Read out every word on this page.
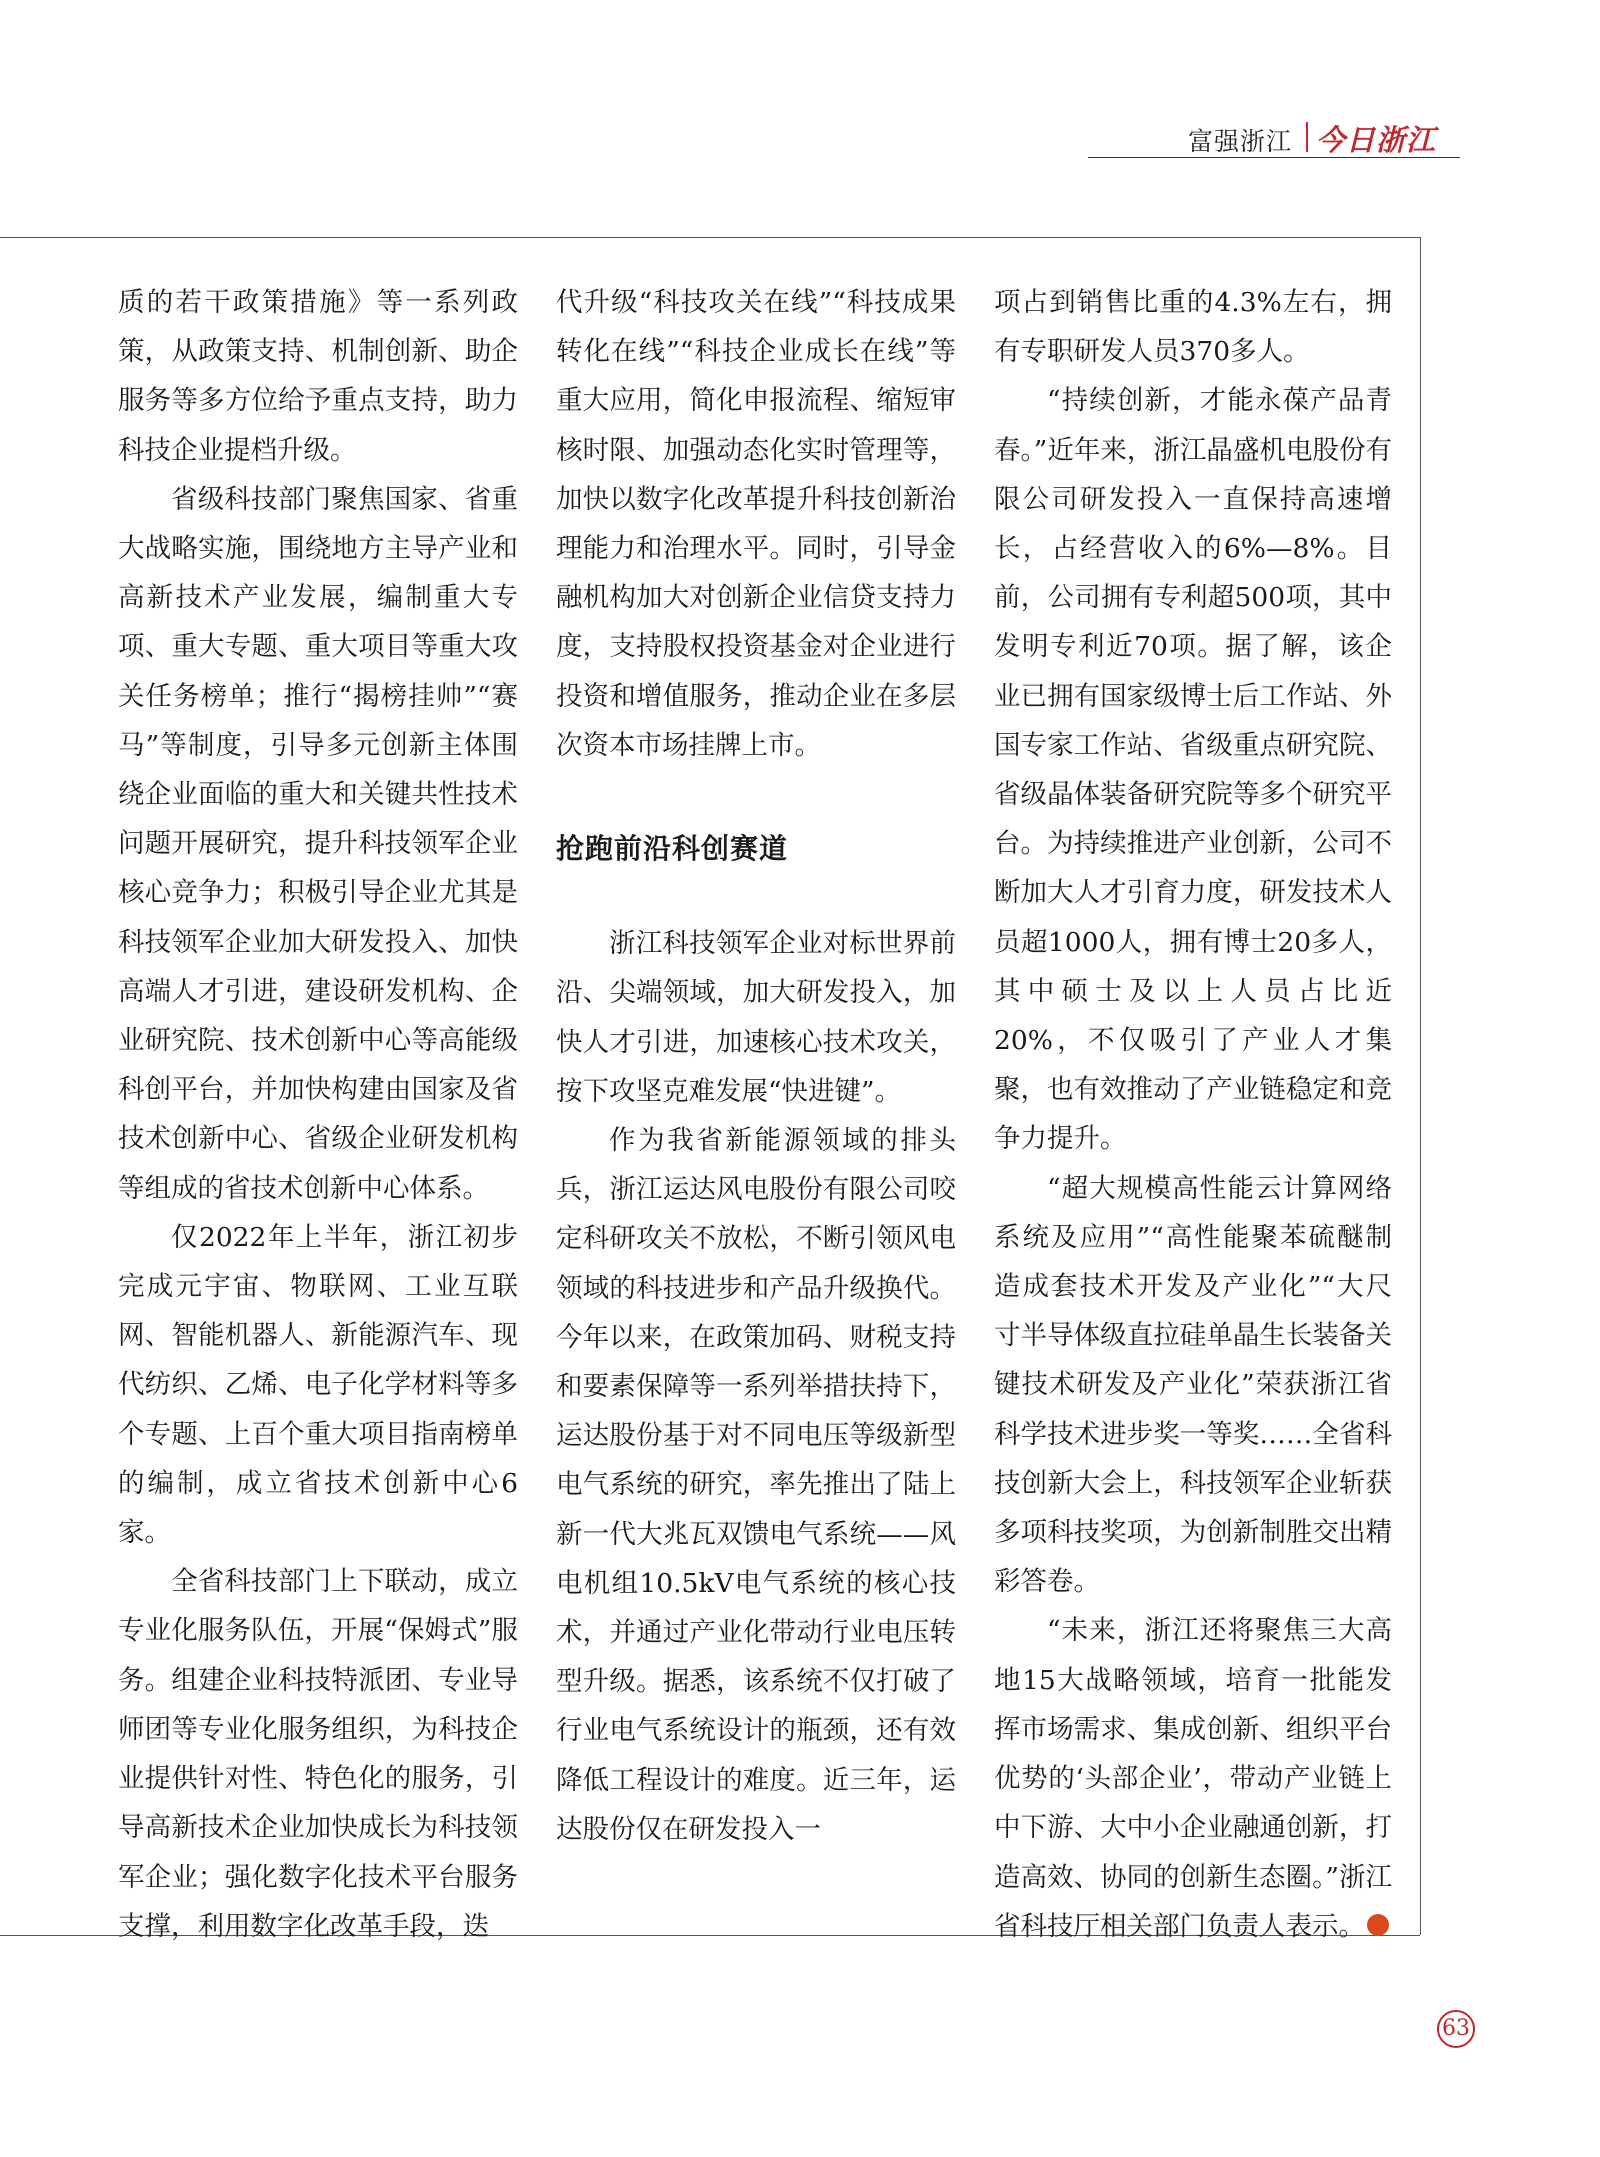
富强浙江 今日浙江

质的若干政策措施》等一系列政策，从政策支持、机制创新、助企服务等多方位给予重点支持，助力科技企业提档升级。

省级科技部门聚焦国家、省重大战略实施，围绕地方主导产业和高新技术产业发展，编制重大专项、重大专题、重大项目等重大攻关任务榜单；推行“揭榜挂帅”“赛马”等制度，引导多元创新主体围绕企业面临的重大和关键共性技术问题开展研究，提升科技领军企业核心竞争力；积极引导企业尤其是科技领军企业加大研发投入、加快高端人才引进，建设研发机构、企业研究院、技术创新中心等高能级科创平台，并加快构建由国家及省技术创新中心、省级企业研发机构等组成的省技术创新中心体系。

仅2022年上半年，浙江初步完成元宇宙、物联网、工业互联网、智能机器人、新能源汽车、现代纺织、乙烯、电子化学材料等多个专题、上百个重大项目指南榜单的编制，成立省技术创新中心6家。

全省科技部门上下联动，成立专业化服务队伍，开展“保姆式”服务。组建企业科技特派团、专业导师团等专业化服务组织，为科技企业提供针对性、特色化的服务，引导高新技术企业加快成长为科技领军企业；强化数字化技术平台服务支撑，利用数字化改革手段，迭

代升级“科技攻关在线”“科技成果转化在线”“科技企业成长在线”等重大应用，简化申报流程、缩短审核时限、加强动态化实时管理等，加快以数字化改革提升科技创新治理能力和治理水平。同时，引导金融机构加大对创新企业信贷支持力度，支持股权投资基金对企业进行投资和增值服务，推动企业在多层次资本市场挂牌上市。

抢跑前沿科创赛道

浙江科技领军企业对标世界前沿、尖端领域，加大研发投入，加快人才引进，加速核心技术攻关，按下攻坚克难发展“快进键”。

作为我省新能源领域的排头兵，浙江运达风电股份有限公司咬定科研攻关不放松，不断引领风电领域的科技进步和产品升级换代。今年以来，在政策加码、财税支持和要素保障等一系列举措扶持下，运达股份基于对不同电压等级新型电气系统的研究，率先推出了陆上新一代大兆瓦双馈电气系统——风电机组10.5kV电气系统的核心技术，并通过产业化带动行业电压转型升级。据悉，该系统不仅打破了行业电气系统设计的瓶颈，还有效降低工程设计的难度。近三年，运达股份仅在研发投入一

项占到销售比重的4.3%左右，拥有专职研发人员370多人。

“持续创新，才能永葆产品青春。”近年来，浙江晶盛机电股份有限公司研发投入一直保持高速增长，占经营收入的6%—8%。目前，公司拥有专利超500项，其中发明专利近70项。据了解，该企业已拥有国家级博士后工作站、外国专家工作站、省级重点研究院、省级晶体装备研究院等多个研究平台。为持续推进产业创新，公司不断加大人才引育力度，研发技术人员超1000人，拥有博士20多人，其中硕士及以上人员占比近20%，不仅吸引了产业人才集聚，也有效推动了产业链稳定和竞争力提升。

“超大规模高性能云计算网络系统及应用”“高性能聚苯硫醚制造成套技术开发及产业化”“大尺寸半导体级直拉硅单晶生长装备关键技术研发及产业化”荣获浙江省科学技术进步奖一等奖……全省科技创新大会上，科技领军企业斩获多项科技奖项，为创新制胜交出精彩答卷。

“未来，浙江还将聚焦三大高地15大战略领域，培育一批能发挥市场需求、集成创新、组织平台优势的‘头部企业’，带动产业链上中下游、大中小企业融通创新，打造高效、协同的创新生态圈。”浙江省科技厅相关部门负责人表示。

63
